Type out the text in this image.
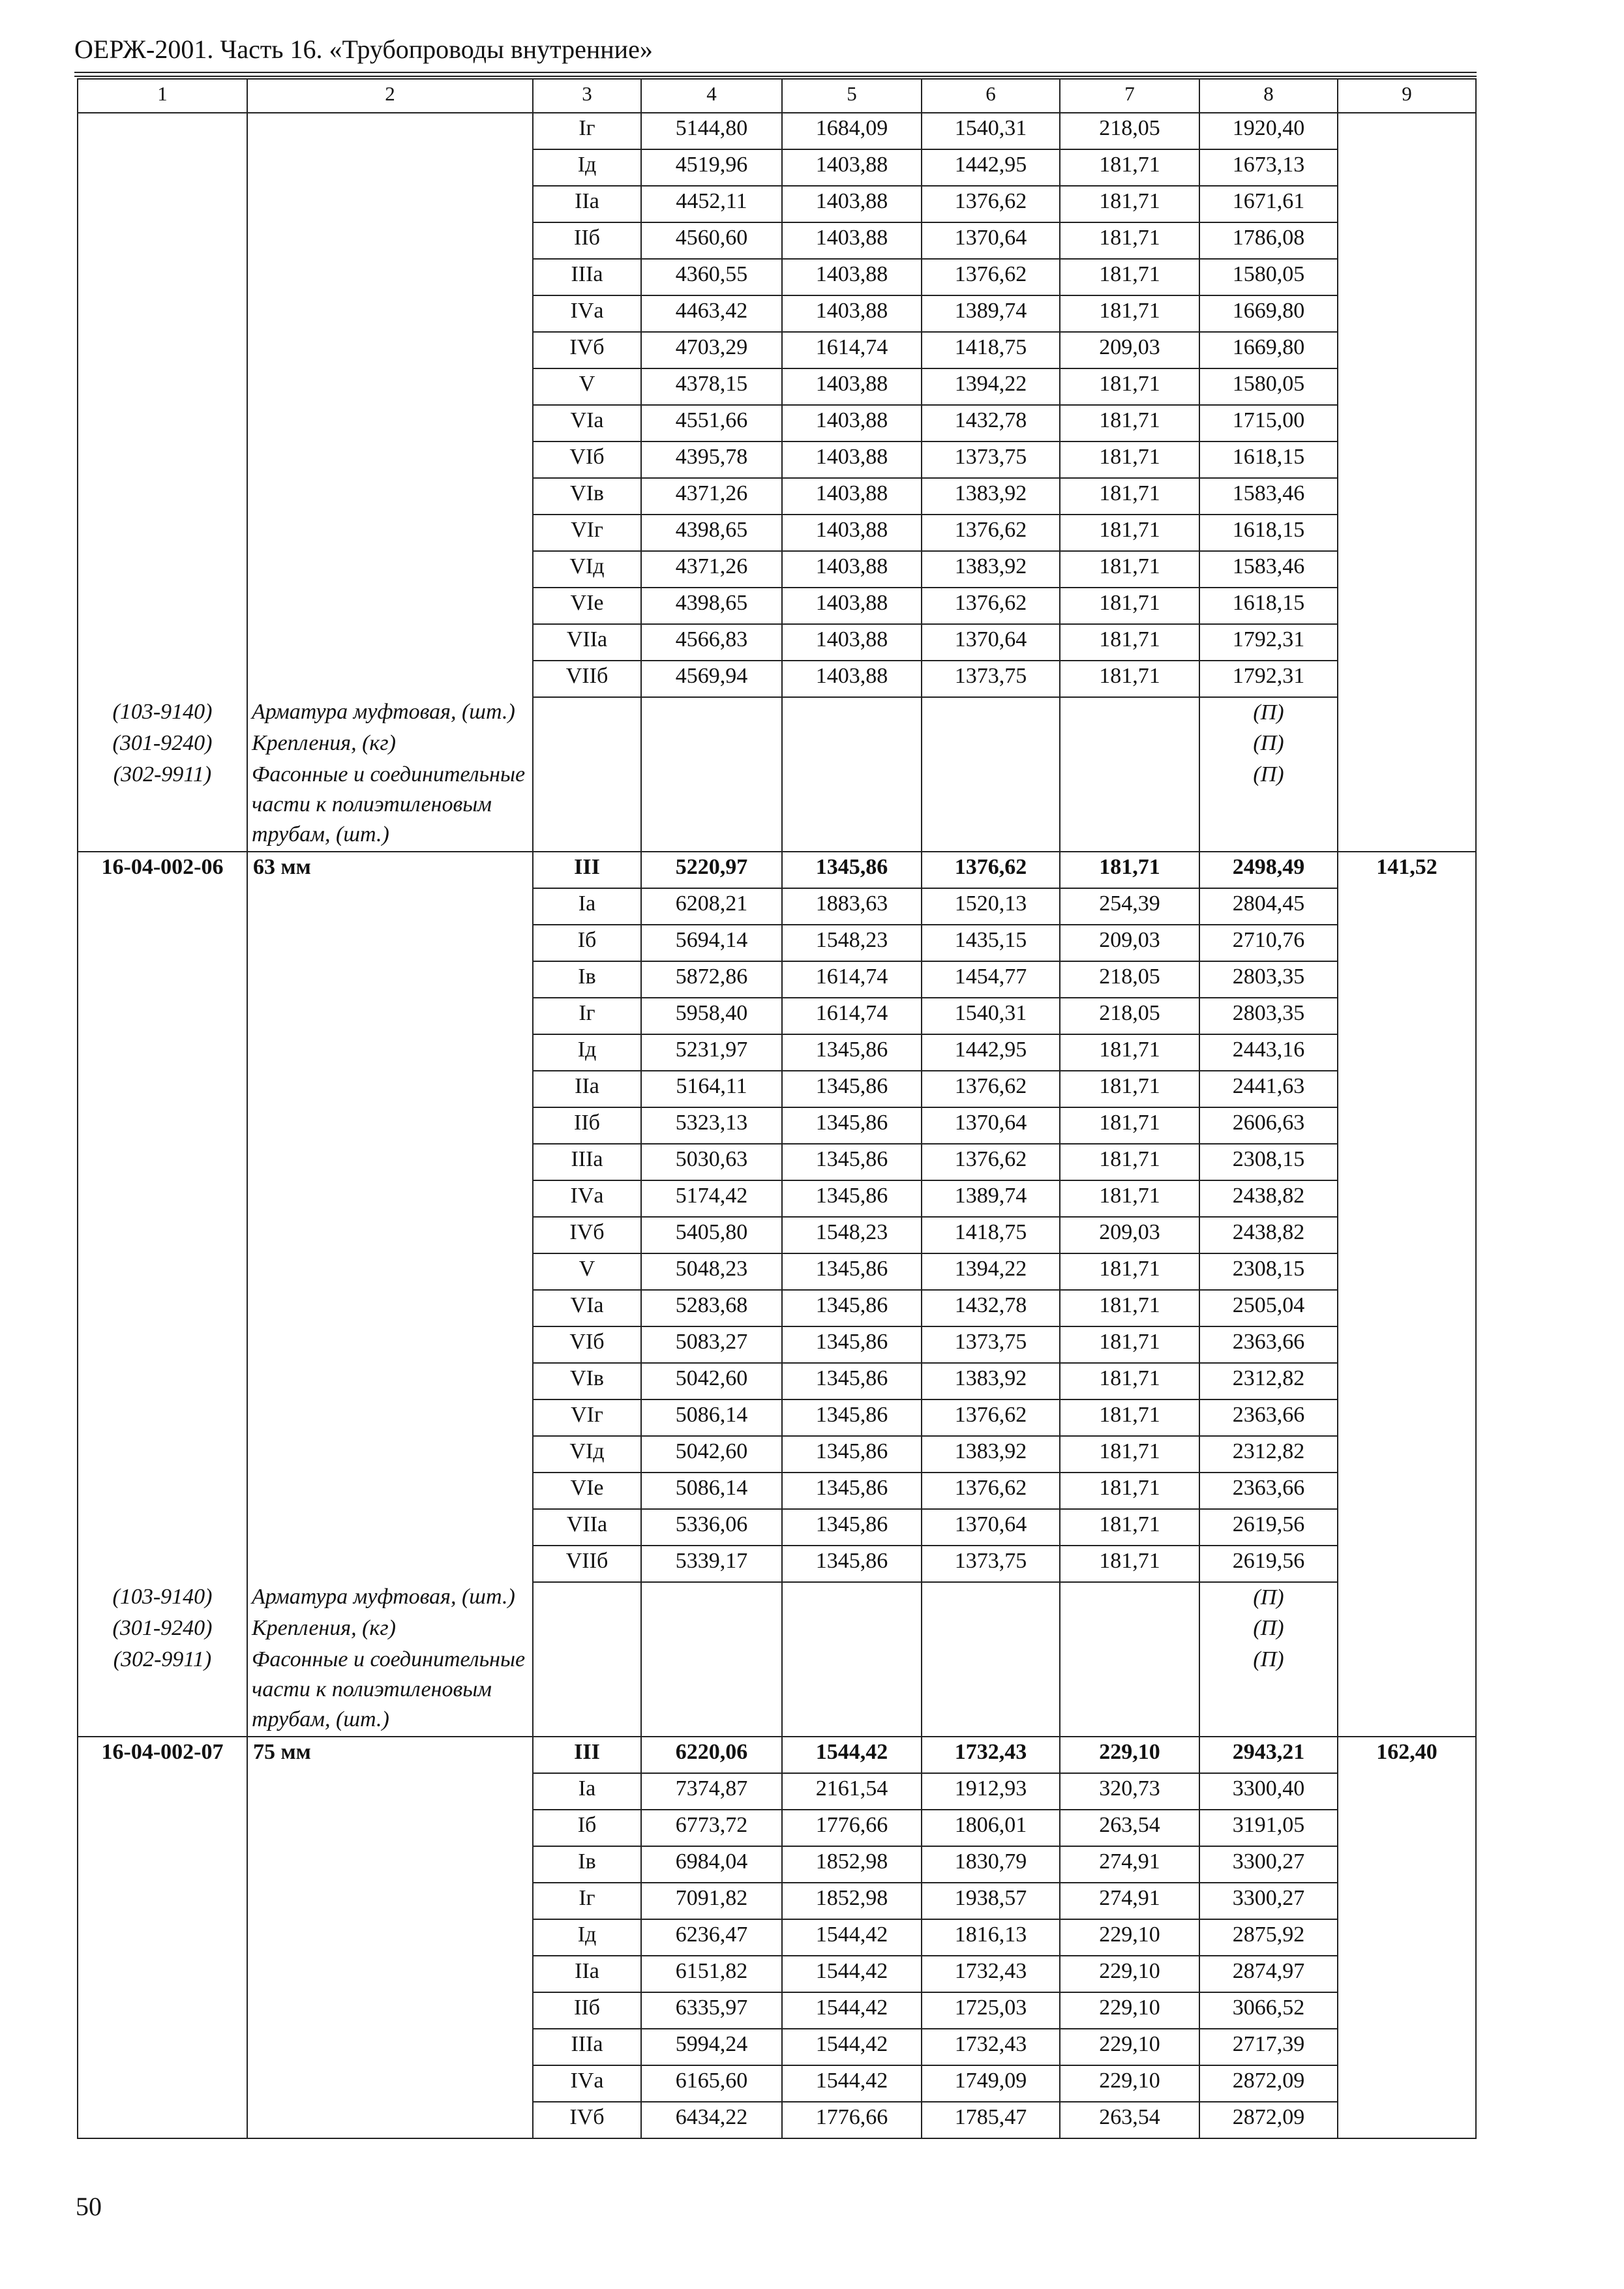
ОЕРЖ-2001. Часть 16. «Трубопроводы внутренние»
1	2	3	4	5	6	7	8	9
		Iг	5144,80	1684,09	1540,31	218,05	1920,40	
		Iд	4519,96	1403,88	1442,95	181,71	1673,13	
		IIа	4452,11	1403,88	1376,62	181,71	1671,61	
		IIб	4560,60	1403,88	1370,64	181,71	1786,08	
		IIIа	4360,55	1403,88	1376,62	181,71	1580,05	
		IVа	4463,42	1403,88	1389,74	181,71	1669,80	
		IVб	4703,29	1614,74	1418,75	209,03	1669,80	
		V	4378,15	1403,88	1394,22	181,71	1580,05	
		VIа	4551,66	1403,88	1432,78	181,71	1715,00	
		VIб	4395,78	1403,88	1373,75	181,71	1618,15	
		VIв	4371,26	1403,88	1383,92	181,71	1583,46	
		VIг	4398,65	1403,88	1376,62	181,71	1618,15	
		VIд	4371,26	1403,88	1383,92	181,71	1583,46	
		VIе	4398,65	1403,88	1376,62	181,71	1618,15	
		VIIа	4566,83	1403,88	1370,64	181,71	1792,31	
		VIIб	4569,94	1403,88	1373,75	181,71	1792,31	
(103-9140)	Арматура муфтовая, (шт.)						(П)	
(301-9240)	Крепления, (кг)						(П)	
(302-9911)	Фасонные и соединительные части к полиэтиленовым трубам, (шт.)						(П)	
16-04-002-06	63 мм	III	5220,97	1345,86	1376,62	181,71	2498,49	141,52
		Iа	6208,21	1883,63	1520,13	254,39	2804,45	
		Iб	5694,14	1548,23	1435,15	209,03	2710,76	
		Iв	5872,86	1614,74	1454,77	218,05	2803,35	
		Iг	5958,40	1614,74	1540,31	218,05	2803,35	
		Iд	5231,97	1345,86	1442,95	181,71	2443,16	
		IIа	5164,11	1345,86	1376,62	181,71	2441,63	
		IIб	5323,13	1345,86	1370,64	181,71	2606,63	
		IIIа	5030,63	1345,86	1376,62	181,71	2308,15	
		IVа	5174,42	1345,86	1389,74	181,71	2438,82	
		IVб	5405,80	1548,23	1418,75	209,03	2438,82	
		V	5048,23	1345,86	1394,22	181,71	2308,15	
		VIа	5283,68	1345,86	1432,78	181,71	2505,04	
		VIб	5083,27	1345,86	1373,75	181,71	2363,66	
		VIв	5042,60	1345,86	1383,92	181,71	2312,82	
		VIг	5086,14	1345,86	1376,62	181,71	2363,66	
		VIд	5042,60	1345,86	1383,92	181,71	2312,82	
		VIе	5086,14	1345,86	1376,62	181,71	2363,66	
		VIIа	5336,06	1345,86	1370,64	181,71	2619,56	
		VIIб	5339,17	1345,86	1373,75	181,71	2619,56	
(103-9140)	Арматура муфтовая, (шт.)						(П)	
(301-9240)	Крепления, (кг)						(П)	
(302-9911)	Фасонные и соединительные части к полиэтиленовым трубам, (шт.)						(П)	
16-04-002-07	75 мм	III	6220,06	1544,42	1732,43	229,10	2943,21	162,40
		Iа	7374,87	2161,54	1912,93	320,73	3300,40	
		Iб	6773,72	1776,66	1806,01	263,54	3191,05	
		Iв	6984,04	1852,98	1830,79	274,91	3300,27	
		Iг	7091,82	1852,98	1938,57	274,91	3300,27	
		Iд	6236,47	1544,42	1816,13	229,10	2875,92	
		IIа	6151,82	1544,42	1732,43	229,10	2874,97	
		IIб	6335,97	1544,42	1725,03	229,10	3066,52	
		IIIа	5994,24	1544,42	1732,43	229,10	2717,39	
		IVа	6165,60	1544,42	1749,09	229,10	2872,09	
		IVб	6434,22	1776,66	1785,47	263,54	2872,09	
50
